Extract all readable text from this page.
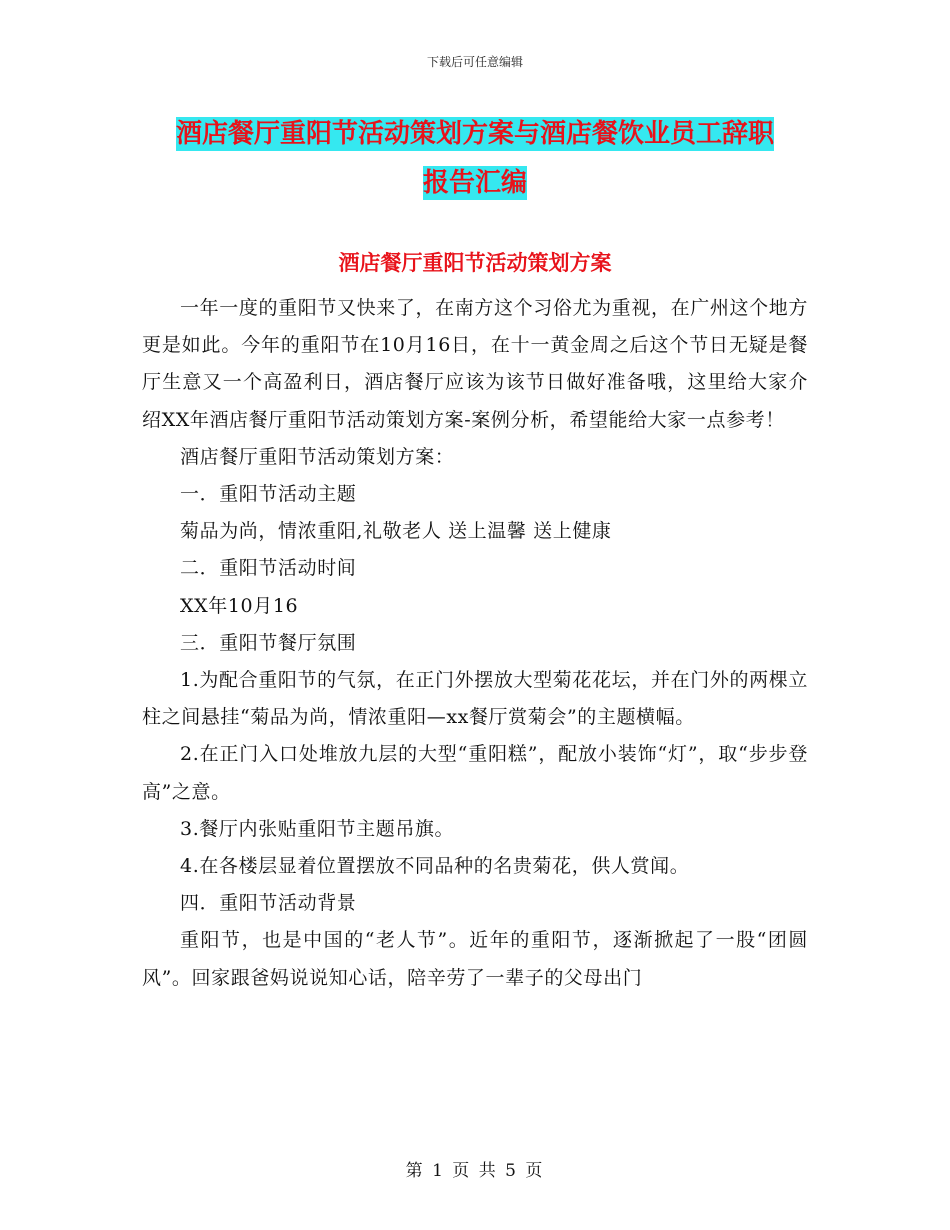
下载后可任意编辑
酒店餐厅重阳节活动策划方案与酒店餐饮业员工辞职
报告汇编
酒店餐厅重阳节活动策划方案

一年一度的重阳节又快来了，在南方这个习俗尤为重视，在广州这个地方更是如此。今年的重阳节在10月16日，在十一黄金周之后这个节日无疑是餐厅生意又一个高盈利日，酒店餐厅应该为该节日做好准备哦，这里给大家介绍XX年酒店餐厅重阳节活动策划方案-案例分析，希望能给大家一点参考！

酒店餐厅重阳节活动策划方案：

一．重阳节活动主题

菊品为尚，情浓重阳,礼敬老人 送上温馨 送上健康

二．重阳节活动时间

XX年10月16

三．重阳节餐厅氛围

1.为配合重阳节的气氛，在正门外摆放大型菊花花坛，并在门外的两棵立柱之间悬挂“菊品为尚，情浓重阳—xx餐厅赏菊会”的主题横幅。

2.在正门入口处堆放九层的大型“重阳糕”，配放小装饰“灯”，取“步步登高”之意。

3.餐厅内张贴重阳节主题吊旗。

4.在各楼层显着位置摆放不同品种的名贵菊花，供人赏闻。

四．重阳节活动背景

重阳节，也是中国的“老人节”。近年的重阳节，逐渐掀起了一股“团圆风”。回家跟爸妈说说知心话，陪辛劳了一辈子的父母出门

第 1 页 共 5 页
